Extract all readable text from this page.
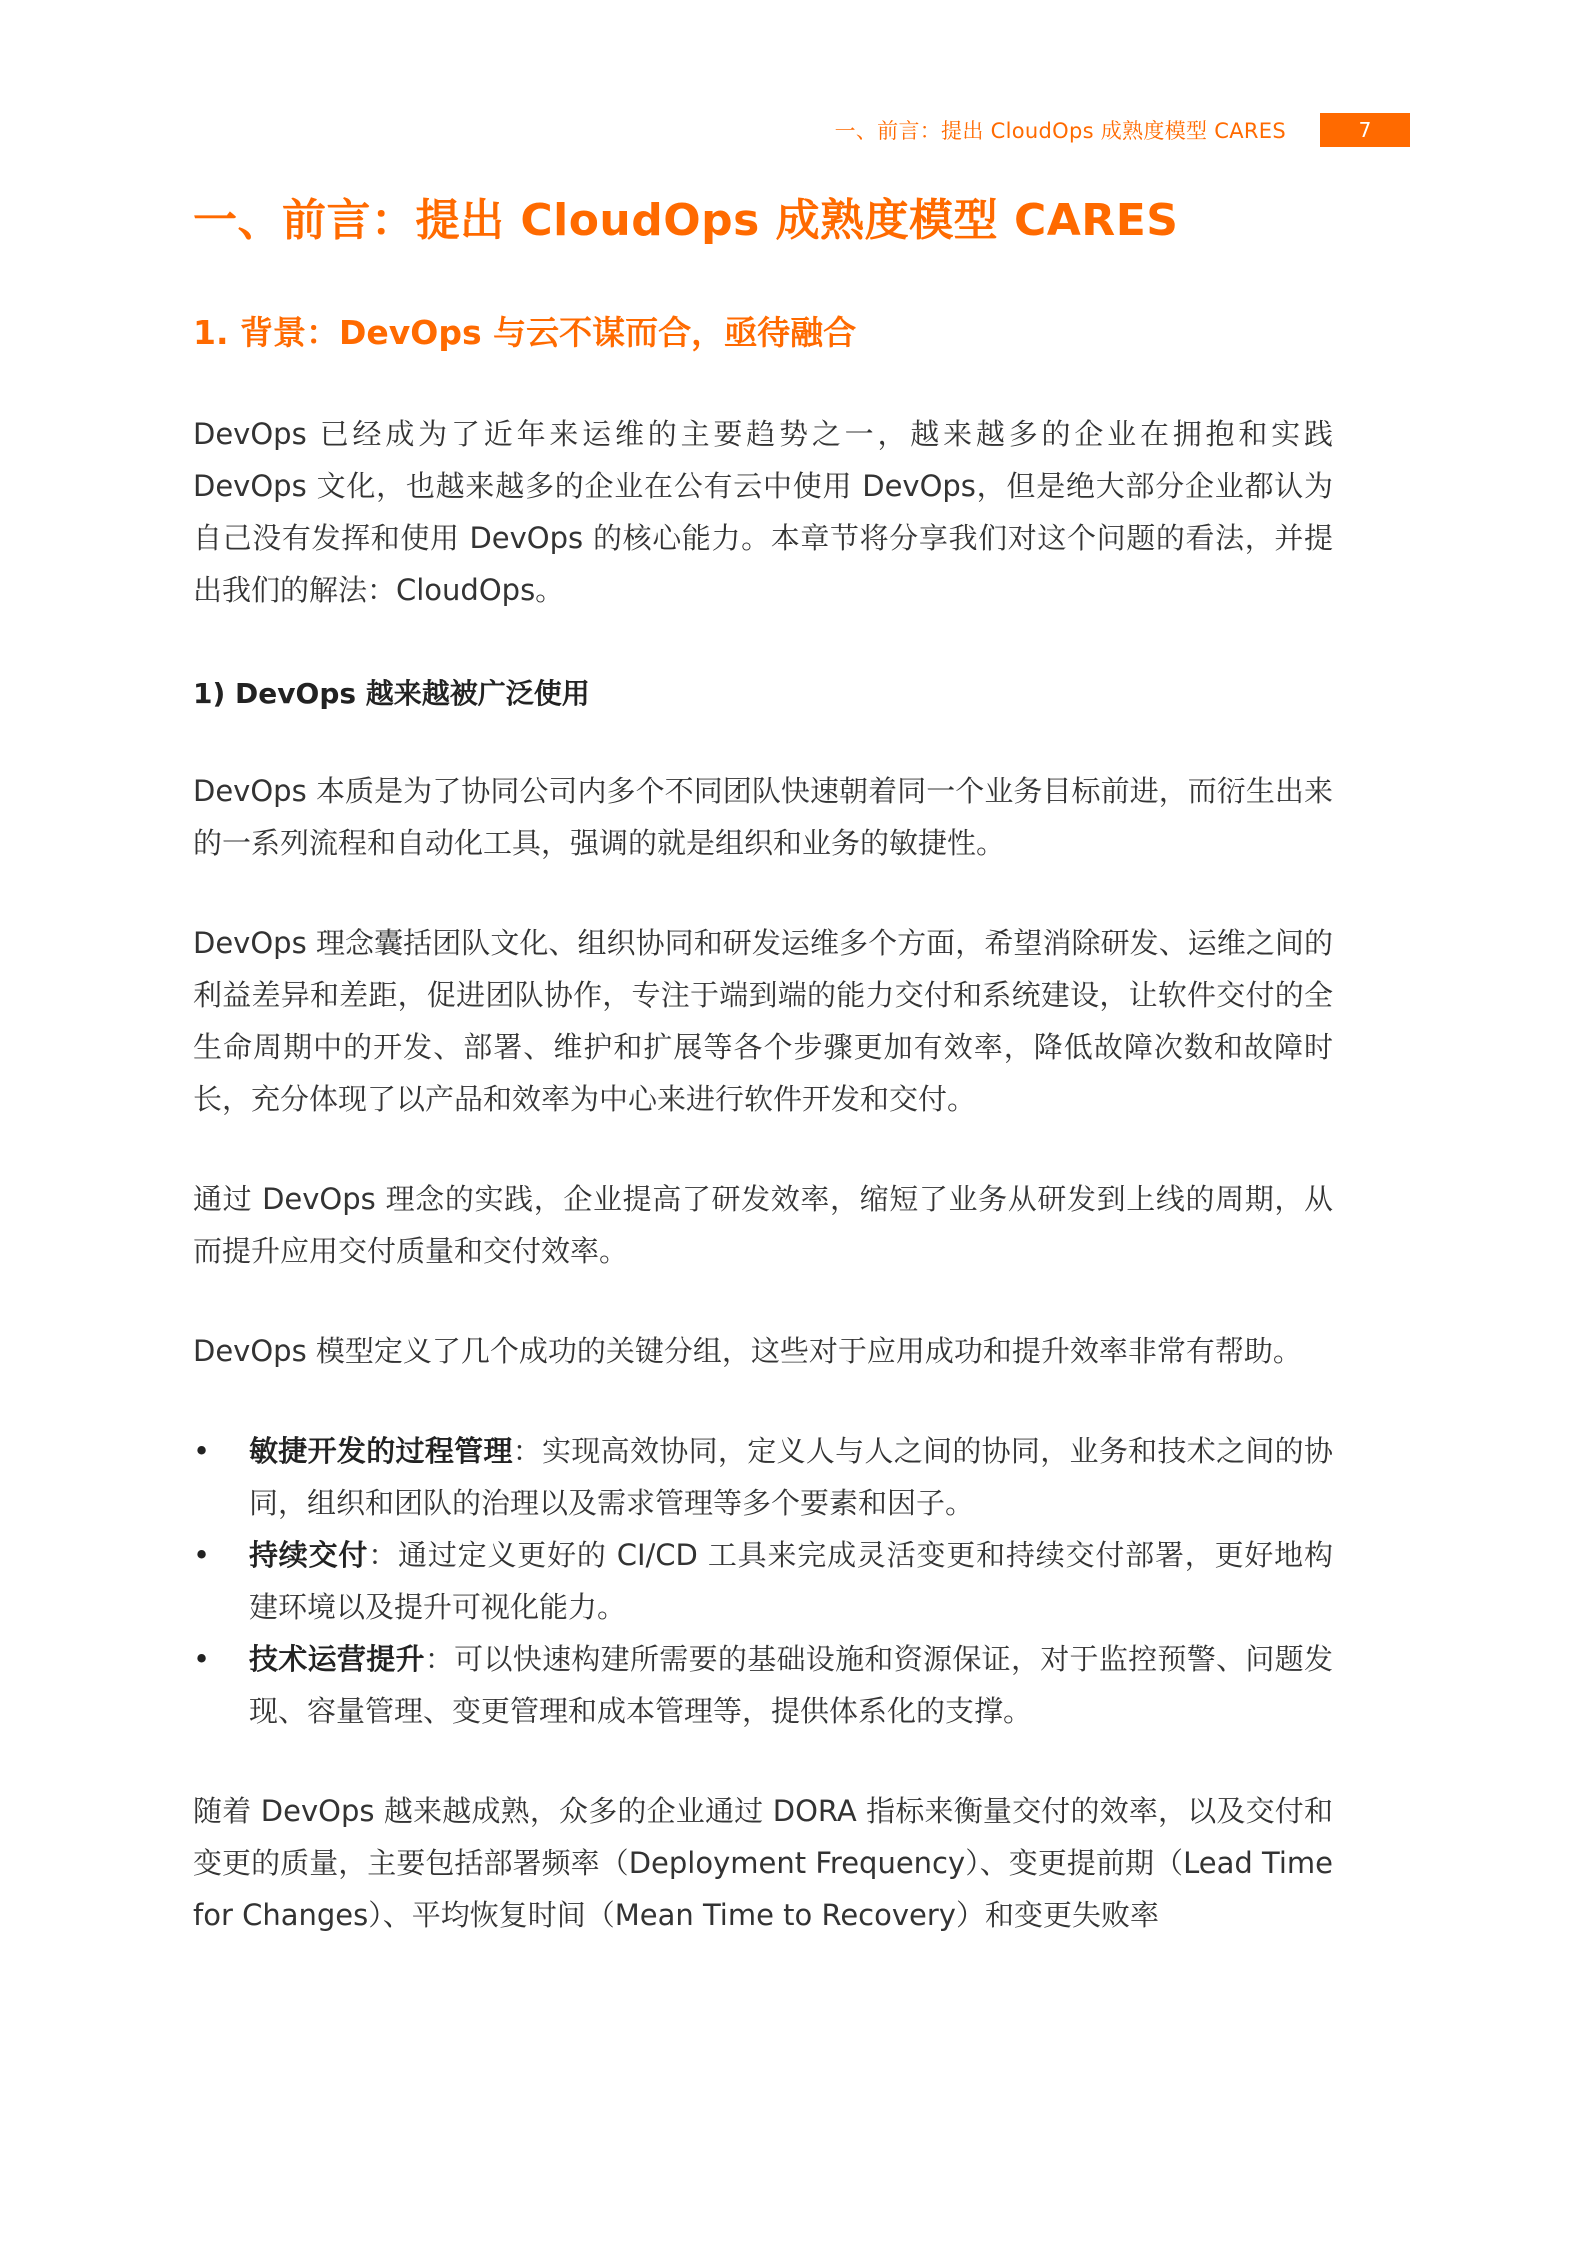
一、前言：提出 CloudOps 成熟度模型 CARES	7
一、前言：提出 CloudOps 成熟度模型 CARES
1. 背景：DevOps 与云不谋而合，亟待融合

DevOps 已经成为了近年来运维的主要趋势之一，越来越多的企业在拥抱和实践 DevOps 文化，也越来越多的企业在公有云中使用 DevOps，但是绝大部分企业都认为自己没有发挥和使用 DevOps 的核心能力。本章节将分享我们对这个问题的看法，并提出我们的解法：CloudOps。

1) DevOps 越来越被广泛使用

DevOps 本质是为了协同公司内多个不同团队快速朝着同一个业务目标前进，而衍生出来的一系列流程和自动化工具，强调的就是组织和业务的敏捷性。

DevOps 理念囊括团队文化、组织协同和研发运维多个方面，希望消除研发、运维之间的利益差异和差距，促进团队协作，专注于端到端的能力交付和系统建设，让软件交付的全生命周期中的开发、部署、维护和扩展等各个步骤更加有效率，降低故障次数和故障时长，充分体现了以产品和效率为中心来进行软件开发和交付。

通过 DevOps 理念的实践，企业提高了研发效率，缩短了业务从研发到上线的周期，从而提升应用交付质量和交付效率。

DevOps 模型定义了几个成功的关键分组，这些对于应用成功和提升效率非常有帮助。

• 敏捷开发的过程管理：实现高效协同，定义人与人之间的协同，业务和技术之间的协同，组织和团队的治理以及需求管理等多个要素和因子。
• 持续交付：通过定义更好的 CI/CD 工具来完成灵活变更和持续交付部署，更好地构建环境以及提升可视化能力。
• 技术运营提升：可以快速构建所需要的基础设施和资源保证，对于监控预警、问题发现、容量管理、变更管理和成本管理等，提供体系化的支撑。

随着 DevOps 越来越成熟，众多的企业通过 DORA 指标来衡量交付的效率，以及交付和变更的质量，主要包括部署频率（Deployment Frequency）、变更提前期（Lead Time for Changes）、平均恢复时间（Mean Time to Recovery）和变更失败率
